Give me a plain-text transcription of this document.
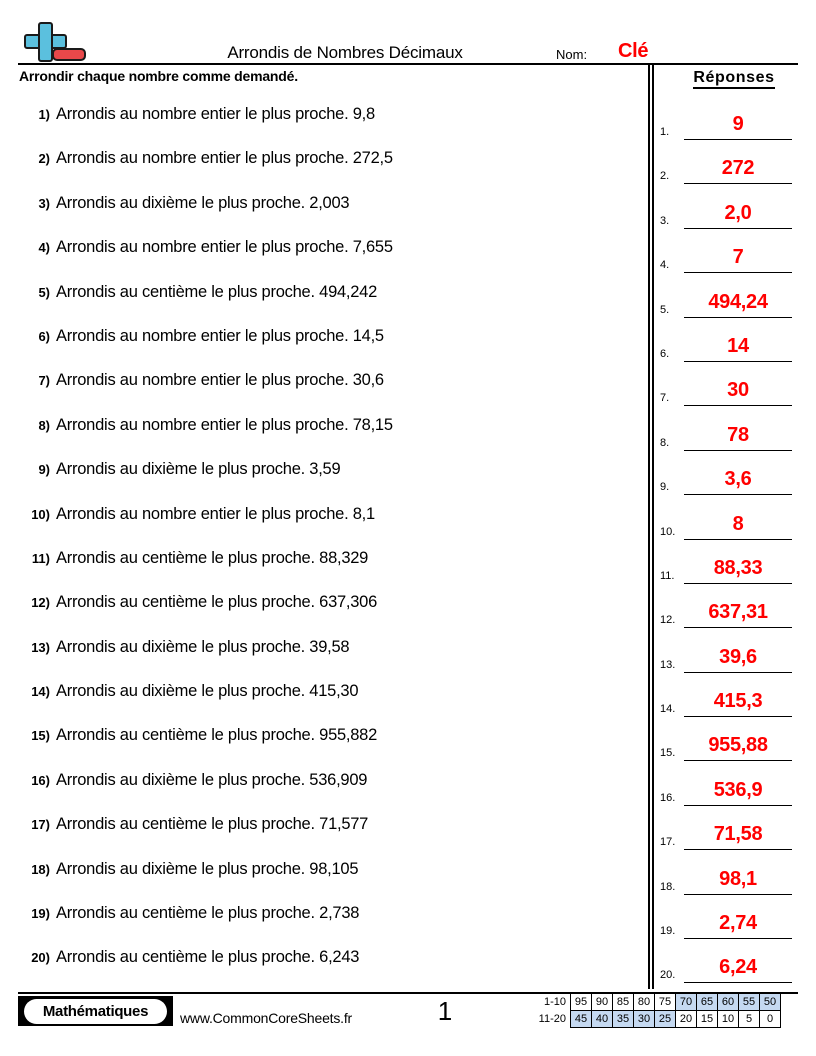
Arrondis de Nombres Décimaux	Nom: Clé
Arrondir chaque nombre comme demandé.
1) Arrondis au nombre entier le plus proche. 9,8
2) Arrondis au nombre entier le plus proche. 272,5
3) Arrondis au dixième le plus proche. 2,003
4) Arrondis au nombre entier le plus proche. 7,655
5) Arrondis au centième le plus proche. 494,242
6) Arrondis au nombre entier le plus proche. 14,5
7) Arrondis au nombre entier le plus proche. 30,6
8) Arrondis au nombre entier le plus proche. 78,15
9) Arrondis au dixième le plus proche. 3,59
10) Arrondis au nombre entier le plus proche. 8,1
11) Arrondis au centième le plus proche. 88,329
12) Arrondis au centième le plus proche. 637,306
13) Arrondis au dixième le plus proche. 39,58
14) Arrondis au dixième le plus proche. 415,30
15) Arrondis au centième le plus proche. 955,882
16) Arrondis au dixième le plus proche. 536,909
17) Arrondis au centième le plus proche. 71,577
18) Arrondis au dixième le plus proche. 98,105
19) Arrondis au centième le plus proche. 2,738
20) Arrondis au centième le plus proche. 6,243
Réponses
1.	9
2.	272
3.	2,0
4.	7
5.	494,24
6.	14
7.	30
8.	78
9.	3,6
10.	8
11.	88,33
12.	637,31
13.	39,6
14.	415,3
15.	955,88
16.	536,9
17.	71,58
18.	98,1
19.	2,74
20.	6,24
Mathématiques	www.CommonCoreSheets.fr	1	1-10	95	90	85	80	75	70	65	60	55	50
11-20	45	40	35	30	25	20	15	10	5	0
